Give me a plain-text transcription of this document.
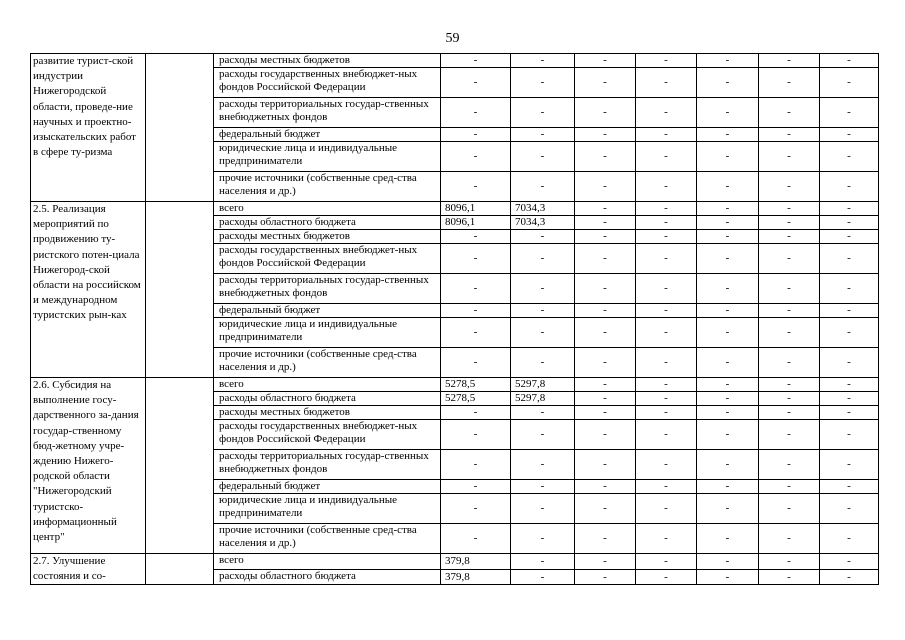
59
развитие турист-ской индустрии Нижегородской области, проведе-ние научных и проектно-изыскательских работ в сфере ту-ризма		расходы местных бюджетов	-	-	-	-	-	-	-
		расходы государственных внебюджет-ных фондов Российской Федерации	-	-	-	-	-	-	-
		расходы территориальных государ-ственных внебюджетных фондов	-	-	-	-	-	-	-
		федеральный бюджет	-	-	-	-	-	-	-
		юридические лица и индивидуальные предприниматели	-	-	-	-	-	-	-
		прочие источники (собственные сред-ства населения и др.)	-	-	-	-	-	-	-
2.5. Реализация мероприятий по продвижению ту-ристского потен-циала Нижегород-ской области на российском и международном туристских рын-ках		всего	8096,1	7034,3	-	-	-	-	-
		расходы областного бюджета	8096,1	7034,3	-	-	-	-	-
		расходы местных бюджетов	-	-	-	-	-	-	-
		расходы государственных внебюджет-ных фондов Российской Федерации	-	-	-	-	-	-	-
		расходы территориальных государ-ственных внебюджетных фондов	-	-	-	-	-	-	-
		федеральный бюджет	-	-	-	-	-	-	-
		юридические лица и индивидуальные предприниматели	-	-	-	-	-	-	-
		прочие источники (собственные сред-ства населения и др.)	-	-	-	-	-	-	-
2.6. Субсидия на выполнение госу-дарственного за-дания государ-ственному бюд-жетному учре-ждению Нижего-родской области "Нижегородский туристско-информационный центр"		всего	5278,5	5297,8	-	-	-	-	-
		расходы областного бюджета	5278,5	5297,8	-	-	-	-	-
		расходы местных бюджетов	-	-	-	-	-	-	-
		расходы государственных внебюджет-ных фондов Российской Федерации	-	-	-	-	-	-	-
		расходы территориальных государ-ственных внебюджетных фондов	-	-	-	-	-	-	-
		федеральный бюджет	-	-	-	-	-	-	-
		юридические лица и индивидуальные предприниматели	-	-	-	-	-	-	-
		прочие источники (собственные сред-ства населения и др.)	-	-	-	-	-	-	-
2.7. Улучшение состояния и со-		всего	379,8	-	-	-	-	-	-
		расходы областного бюджета	379,8	-	-	-	-	-	-
